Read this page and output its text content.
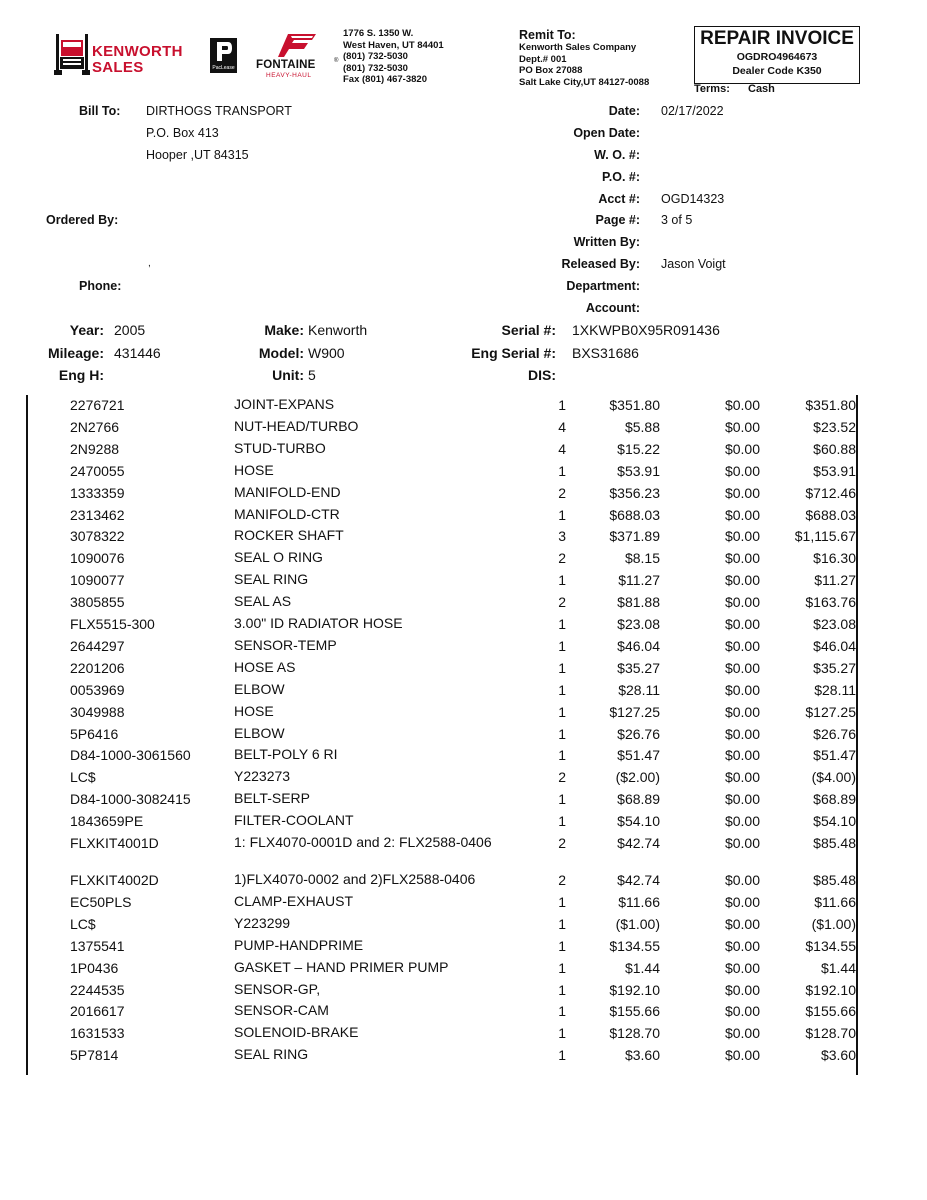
KENWORTH
SALES	PacLease FONTAINE	®
HEAVY-HAUL
1776 S. 1350 W.
West Haven, UT 84401
(801) 732-5030
(801) 732-5030
Fax (801) 467-3820
Remit To:
Kenworth Sales Company
Dept.# 001
PO Box 27088
Salt Lake City,UT 84127-0088
REPAIR INVOICE
OGDRO4964673
Dealer Code K350
Terms: Cash
Bill To: DIRTHOGS TRANSPORT
P.O. Box 413
Hooper ,UT 84315
Ordered By:
,
Phone:
Date: 02/17/2022
Open Date:
W. O. #:
P.O. #:
Acct #: OGD14323
Page #: 3 of 5
Written By:
Released By: Jason Voigt
Department:
Account:
Year: 2005
Mileage: 431446
Eng H:
Make: Kenworth
Model: W900
Unit: 5
Serial #: 1XKWPB0X95R091436
Eng Serial #: BXS31686
DIS:
2276721	JOINT-EXPANS	1	$351.80	$0.00	$351.80
2N2766	NUT-HEAD/TURBO	4	$5.88	$0.00	$23.52
2N9288	STUD-TURBO	4	$15.22	$0.00	$60.88
2470055	HOSE	1	$53.91	$0.00	$53.91
1333359	MANIFOLD-END	2	$356.23	$0.00	$712.46
2313462	MANIFOLD-CTR	1	$688.03	$0.00	$688.03
3078322	ROCKER SHAFT	3	$371.89	$0.00	$1,115.67
1090076	SEAL O RING	2	$8.15	$0.00	$16.30
1090077	SEAL RING	1	$11.27	$0.00	$11.27
3805855	SEAL AS	2	$81.88	$0.00	$163.76
FLX5515-300	3.00" ID RADIATOR HOSE	1	$23.08	$0.00	$23.08
2644297	SENSOR-TEMP	1	$46.04	$0.00	$46.04
2201206	HOSE AS	1	$35.27	$0.00	$35.27
0053969	ELBOW	1	$28.11	$0.00	$28.11
3049988	HOSE	1	$127.25	$0.00	$127.25
5P6416	ELBOW	1	$26.76	$0.00	$26.76
D84-1000-3061560	BELT-POLY 6 RI	1	$51.47	$0.00	$51.47
LC$	Y223273	2	($2.00)	$0.00	($4.00)
D84-1000-3082415	BELT-SERP	1	$68.89	$0.00	$68.89
1843659PE	FILTER-COOLANT	1	$54.10	$0.00	$54.10
FLXKIT4001D	1: FLX4070-0001D and 2: FLX2588-0406	2	$42.74	$0.00	$85.48
FLXKIT4002D	1)FLX4070-0002 and 2)FLX2588-0406	2	$42.74	$0.00	$85.48
EC50PLS	CLAMP-EXHAUST	1	$11.66	$0.00	$11.66
LC$	Y223299	1	($1.00)	$0.00	($1.00)
1375541	PUMP-HANDPRIME	1	$134.55	$0.00	$134.55
1P0436	GASKET – HAND PRIMER PUMP	1	$1.44	$0.00	$1.44
2244535	SENSOR-GP,	1	$192.10	$0.00	$192.10
2016617	SENSOR-CAM	1	$155.66	$0.00	$155.66
1631533	SOLENOID-BRAKE	1	$128.70	$0.00	$128.70
5P7814	SEAL RING	1	$3.60	$0.00	$3.60
